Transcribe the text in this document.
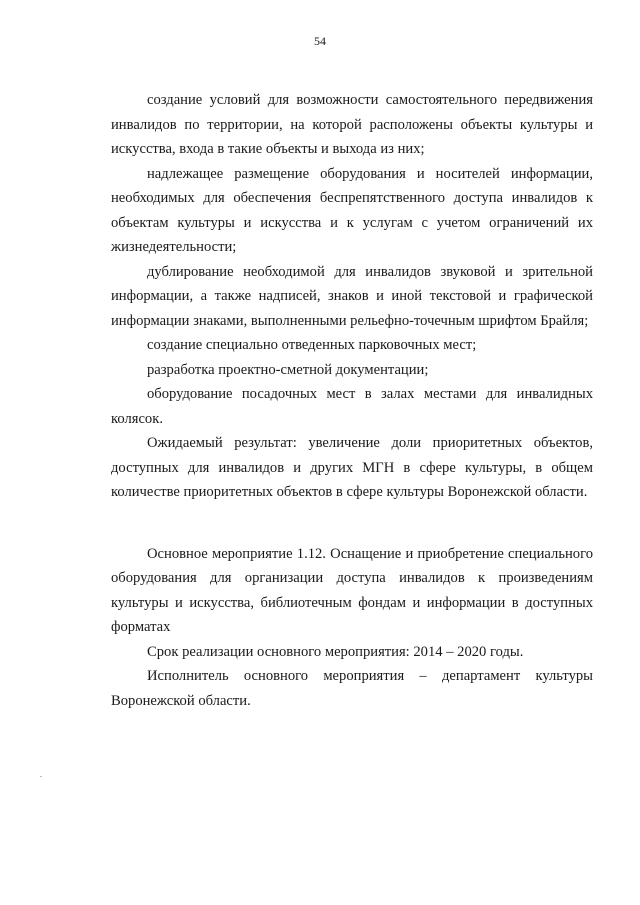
54

создание условий для возможности самостоятельного передвижения инвалидов по территории, на которой расположены объекты культуры и искусства, входа в такие объекты и выхода из них;

надлежащее размещение оборудования и носителей информации, необходимых для обеспечения беспрепятственного доступа инвалидов к объектам культуры и искусства и к услугам с учетом ограничений их жизнедеятельности;

дублирование необходимой для инвалидов звуковой и зрительной информации, а также надписей, знаков и иной текстовой и графической информации знаками, выполненными рельефно-точечным шрифтом Брайля;

создание специально отведенных парковочных мест;

разработка проектно-сметной документации;

оборудование посадочных мест в залах местами для инвалидных колясок.

Ожидаемый результат: увеличение доли приоритетных объектов, доступных для инвалидов и других МГН в сфере культуры, в общем количестве приоритетных объектов в сфере культуры Воронежской области.

Основное мероприятие 1.12. Оснащение и приобретение специального оборудования для организации доступа инвалидов к произведениям культуры и искусства, библиотечным фондам и информации в доступных форматах

Срок реализации основного мероприятия: 2014 – 2020 годы.

Исполнитель основного мероприятия – департамент культуры Воронежской области.
